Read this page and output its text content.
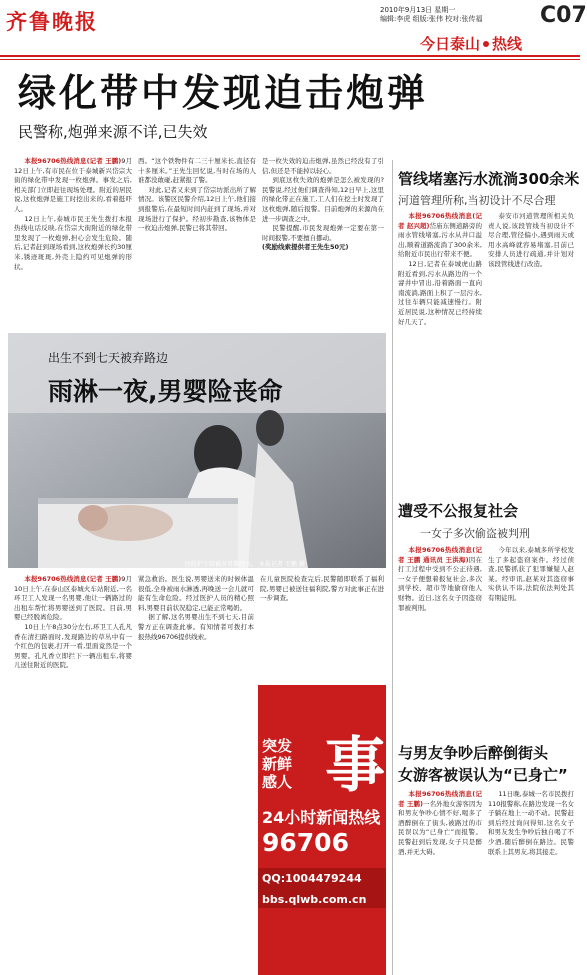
齐鲁晚报	2010年9月13日 星期一
编辑:李虎 组版:张伟 校对:张传福	C07
今日泰山 热线
绿化带中发现迫击炮弹
民警称,炮弹来源不详,已失效

本报96706热线消息(记者 王鹏)9月12日上午,有市民在位于泰城新兴岱宗大街的绿化带中发现一枚炮弹。事发之后,相关部门立即赶往现场处理。附近的居民说,这枚炮弹是施工时挖出来的,看着挺吓人。

12日上午,泰城市民王先生拨打本报热线电话反映,在岱宗大街附近的绿化带里发现了一枚炮弹,担心会发生危险。随后,记者赶到现场看到,这枚炮弹长约30厘米,锈迹斑斑,外壳上隐约可见炮弹的形状。

西。“这个铁物件有二三十厘米长,直径有十多厘米。”王先生回忆说,当时在场的人谁都没敢碰,赶紧报了警。

对此,记者又来到了岱宗坊派出所了解情况。该警区民警介绍,12日上午,他们接到报警后,在最短时间内赶到了现场,并对现场进行了保护。经初步勘查,该物体是一枚迫击炮弹,民警已将其带回。

是一枚失效的迫击炮弹,虽然已经没有了引信,但还是不能掉以轻心。

到底这枚失效的炮弹是怎么被发现的?民警说,经过他们调查得知,12日早上,这里的绿化带正在施工,工人们在挖土时发现了这枚炮弹,随后报警。目前炮弹的来源尚在进一步调查之中。

民警提醒,市民发现炮弹一定要在第一时间报警,不要擅自挪动。

(奖励线索提供者王先生50元)

出生不到七天被弃路边
雨淋一夜,男婴险丧命
医院护士给被弃男婴喂水。 本报记者 王鹏 摄

本报96706热线消息(记者 王鹏)9月10日上午,在泰山区泰城火车站附近,一名环卫工人发现一名男婴,他让一辆路过的出租车帮忙将男婴送到了医院。目前,男婴已经脱离危险。

10日上午8点30分左右,环卫工人孔凡香在清扫路面时,发现路边的草丛中有一个红色的包裹,打开一看,里面竟然是一个男婴。孔凡香立即拦下一辆出租车,将婴儿送往附近的医院。

紧急救治。医生说,男婴送来的时候体温很低,全身被雨水淋透,再晚送一会儿就可能有生命危险。经过医护人员的精心照料,男婴目前状况稳定,已能正常喝奶。

据了解,这名男婴出生不到七天,目前警方正在调查此事。有知情者可拨打本报热线96706提供线索。

在儿童医院检查完后,民警随即联系了福利院,男婴已被送往福利院,警方对此事正在进一步调查。

突发
新鲜
感人 事
24小时新闻热线
96706
QQ:1004479244
bbs.qlwb.com.cn
管线堵塞污水流淌300余米
河道管理所称,当初设计不尽合理

本报96706热线消息(记者 赵兴超)岱庙东侧道路旁的雨水管线堵塞,污水从井口溢出,顺着道路流淌了300余米,给附近市民出行带来不便。

12日,记者在泰城虎山路附近看到,污水从路边的一个窨井中冒出,沿着路面一直向南流淌,路面上积了一层污水,过往车辆只能减速慢行。附近居民说,这种情况已经持续好几天了。

泰安市河道管理所相关负责人说,该段管线当初设计不尽合理,管径偏小,遇到雨天或用水高峰就容易堵塞,目前已安排人员进行疏通,并计划对该段管线进行改造。

遭受不公报复社会
一女子多次偷盗被判刑

本报96706热线消息(记者 王鹏 通讯员 王洪海)因在打工过程中受到不公正待遇,一女子便想着报复社会,多次到学校、超市等地偷窃他人财物。近日,这名女子因盗窃罪被判刑。

今年以来,泰城多所学校发生了多起盗窃案件。经过侦查,民警抓获了犯罪嫌疑人赵某。经审讯,赵某对其盗窃事实供认不讳,法院依法判处其有期徒刑。

与男友争吵后醉倒街头
女游客被误认为“已身亡”

本报96706热线消息(记者 王鹏)一名外地女游客因为和男友争吵心情不好,喝多了酒醉倒在了街头,被路过的市民误以为“已身亡”而报警。民警赶到后发现,女子只是醉酒,并无大碍。

11日晚,泰城一名市民拨打110报警称,在路边发现一名女子躺在地上一动不动。民警赶到后经过询问得知,这名女子和男友发生争吵后独自喝了不少酒,随后醉倒在路边。民警联系上其男友,将其接走。
